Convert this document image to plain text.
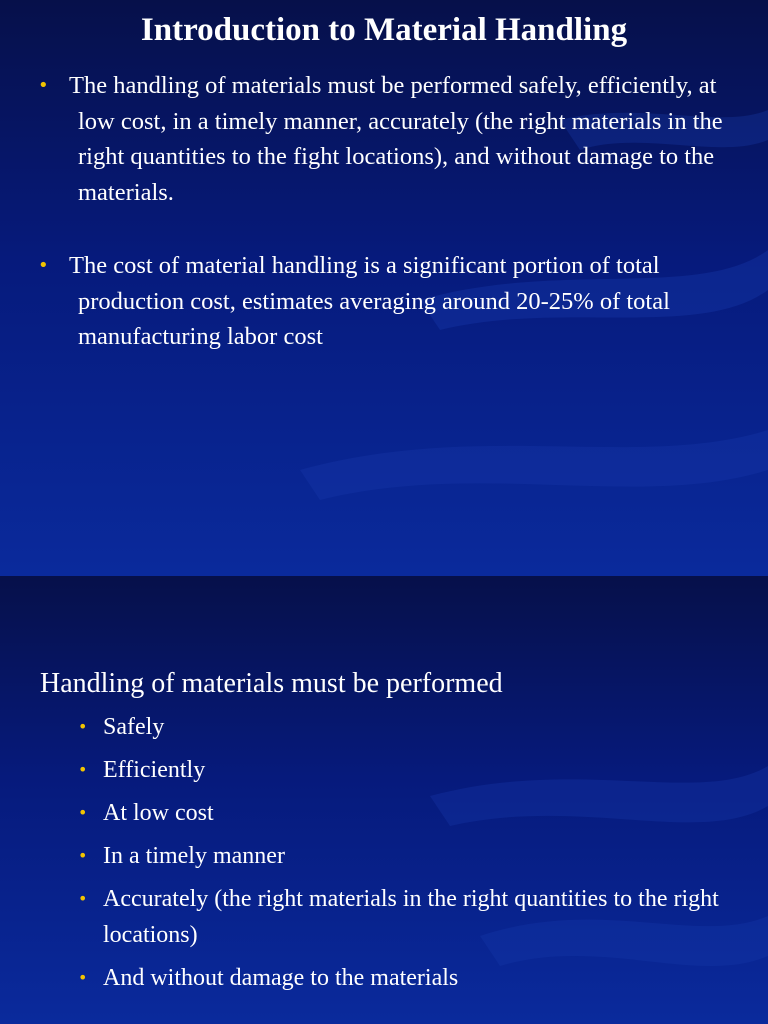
Introduction to Material Handling
• The handling of materials must be performed safely, efficiently, at low cost, in a timely manner, accurately (the right materials in the right quantities to the fight locations), and without damage to the materials.
• The cost of material handling is a significant portion of total production cost, estimates averaging around 20-25% of total manufacturing labor cost
Handling of materials must be performed
• Safely
• Efficiently
• At low cost
• In a timely manner
• Accurately (the right materials in the right quantities to the right locations)
• And without damage to the materials
